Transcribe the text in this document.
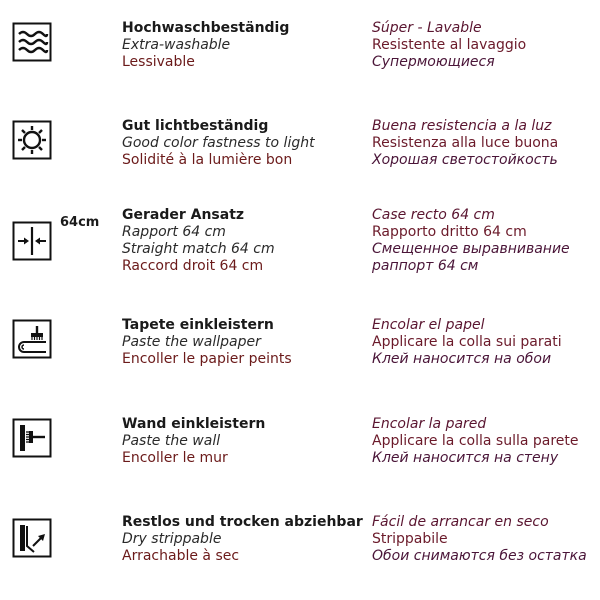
Hochwaschbeständig
Extra-washable
Lessivable
Súper - Lavable
Resistente al lavaggio
Супермоющиеся
Gut lichtbeständig
Good color fastness to light
Solidité à la lumière bon
Buena resistencia a la luz
Resistenza alla luce buona
Хорошая светостойкость
64cm Gerader Ansatz
Rapport 64 cm
Straight match 64 cm
Raccord droit 64 cm
Case recto 64 cm
Rapporto dritto 64 cm
Смещенное выравнивание
раппорт 64 см
Tapete einkleistern
Paste the wallpaper
Encoller le papier peints
Encolar el papel
Applicare la colla sui parati
Клей наносится на обои
Wand einkleistern
Paste the wall
Encoller le mur
Encolar la pared
Applicare la colla sulla parete
Клей наносится на стену
Restlos und trocken abziehbar
Dry strippable
Arrachable à sec
Fácil de arrancar en seco
Strippabile
Обои снимаются без остатка
